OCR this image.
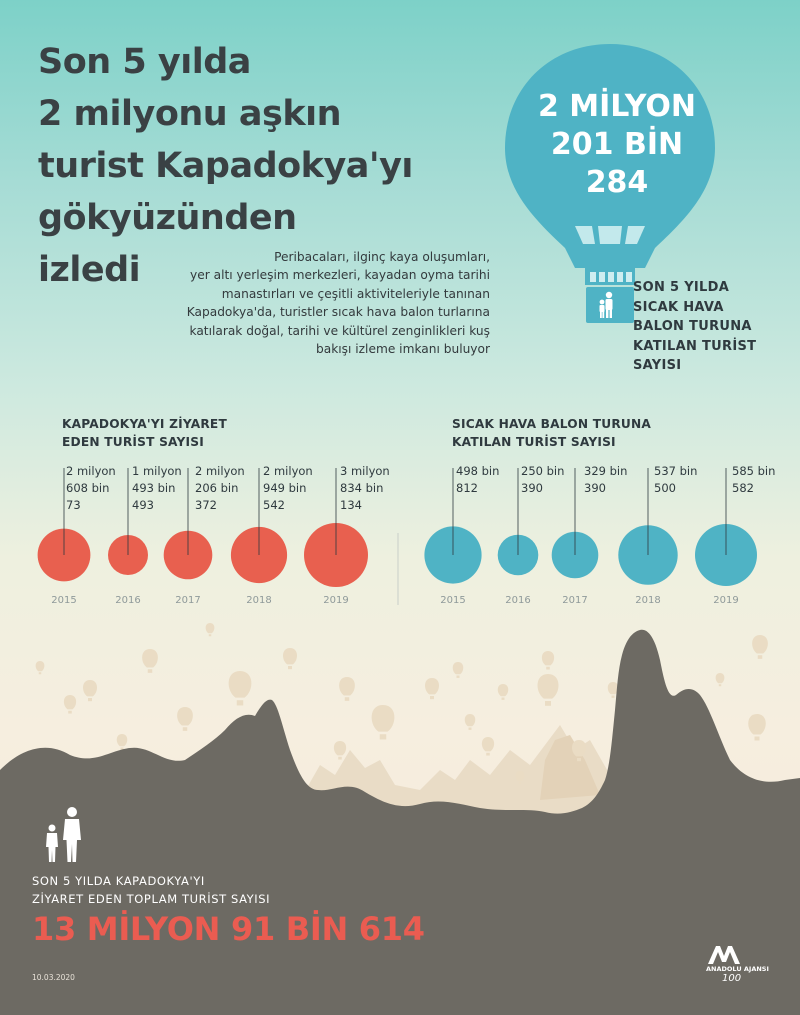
Son 5 yılda
2 milyonu aşkın
turist Kapadokya'yı
gökyüzünden
izledi	Peribacaları, ilginç kaya oluşumları,
yer altı yerleşim merkezleri, kayadan oyma tarihi
manastırları ve çeşitli aktiviteleriyle tanınan
Kapadokya'da, turistler sıcak hava balon turlarına
katılarak doğal, tarihi ve kültürel zenginlikleri kuş
bakışı izleme imkanı buluyor
2 MİLYON
201 BİN
284
SON 5 YILDA
SICAK HAVA
BALON TURUNA
KATILAN TURİST
SAYISI
KAPADOKYA'YI ZİYARET
EDEN TURİST SAYISI
SICAK HAVA BALON TURUNA
KATILAN TURİST SAYISI
2 milyon
608 bin
73
2015
1 milyon
493 bin
493
2016
2 milyon
206 bin
372
2017
2 milyon
949 bin
542
2018
3 milyon
834 bin
134
2019
498 bin
812
2015
250 bin
390
2016
329 bin
390
2017
537 bin
500
2018
585 bin
582
2019
SON 5 YILDA KAPADOKYA'YI
ZİYARET EDEN TOPLAM TURİST SAYISI
13 MİLYON 91 BİN 614
10.03.2020
ANADOLU AJANSI
100
